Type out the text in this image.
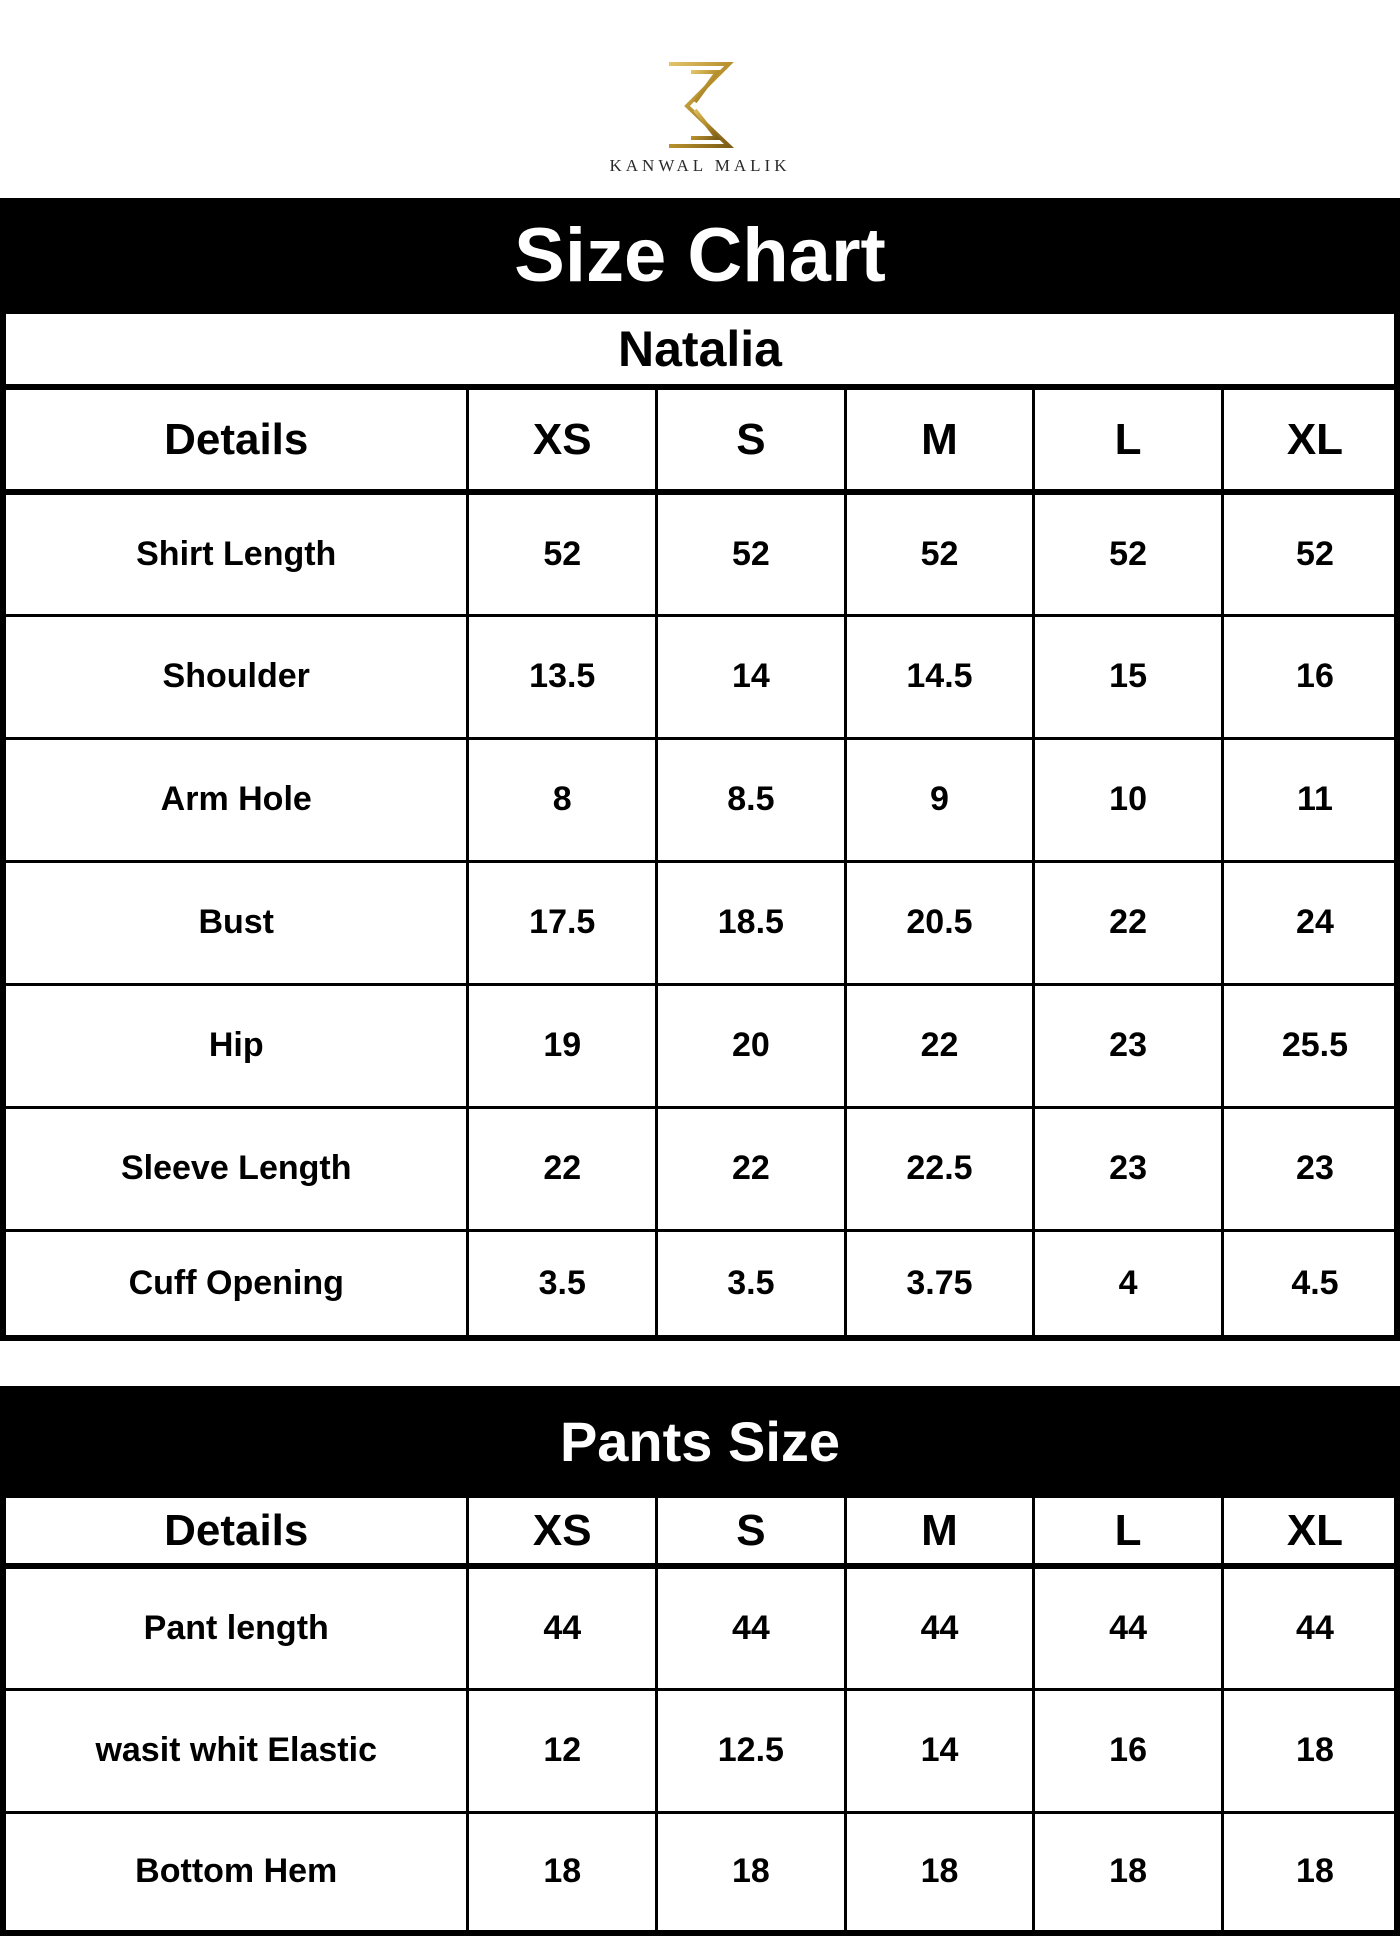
KANWAL MALIK
Size Chart
Natalia
Details	XS	S	M	L	XL
Shirt Length	52	52	52	52	52
Shoulder	13.5	14	14.5	15	16
Arm Hole	8	8.5	9	10	11
Bust	17.5	18.5	20.5	22	24
Hip	19	20	22	23	25.5
Sleeve Length	22	22	22.5	23	23
Cuff Opening	3.5	3.5	3.75	4	4.5
Pants Size
Details	XS	S	M	L	XL
Pant length	44	44	44	44	44
wasit whit Elastic	12	12.5	14	16	18
Bottom Hem	18	18	18	18	18
